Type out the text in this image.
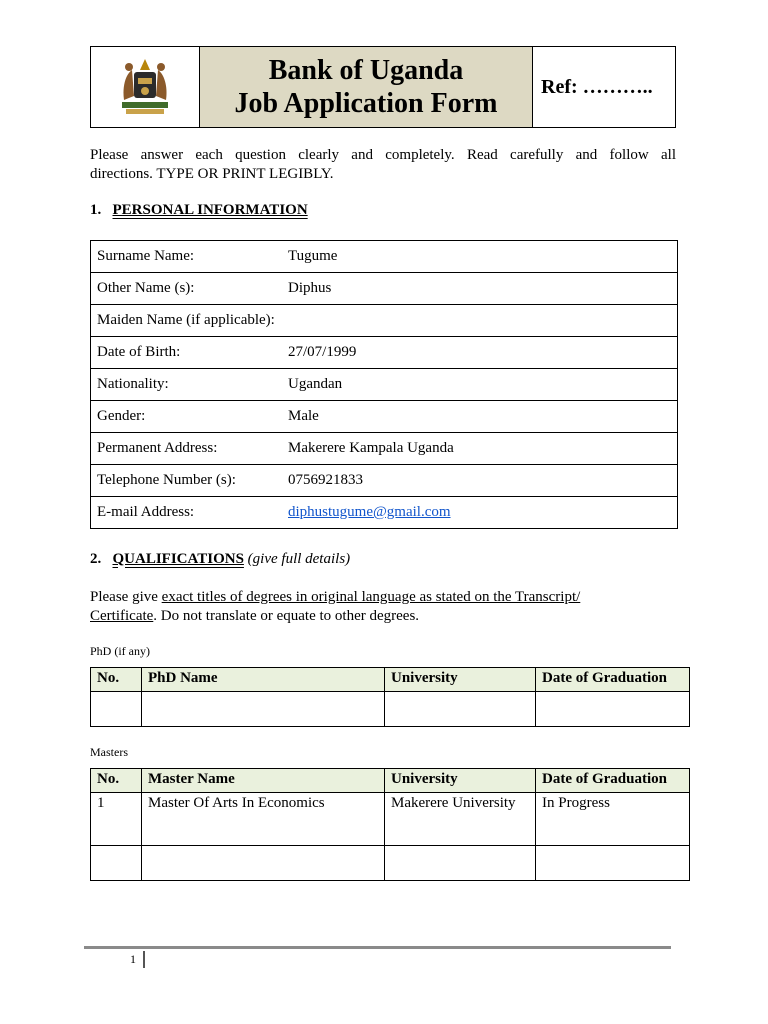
Bank of Uganda
Job Application Form
Ref: ………..
Please answer each question clearly and completely. Read carefully and follow all
directions. TYPE OR PRINT LEGIBLY.
1. PERSONAL INFORMATION
Surname Name:	Tugume
Other Name (s):	Diphus
Maiden Name (if applicable):
Date of Birth:	27/07/1999
Nationality:	Ugandan
Gender:	Male
Permanent Address:	Makerere Kampala Uganda
Telephone Number (s):	0756921833
E-mail Address:	diphustugume@gmail.com
2. QUALIFICATIONS (give full details)
Please give exact titles of degrees in original language as stated on the Transcript/
Certificate. Do not translate or equate to other degrees.
PhD (if any)
No.	PhD Name	University	Date of Graduation

Masters
No.	Master Name	University	Date of Graduation
1	Master Of Arts In Economics	Makerere University	In Progress

1
